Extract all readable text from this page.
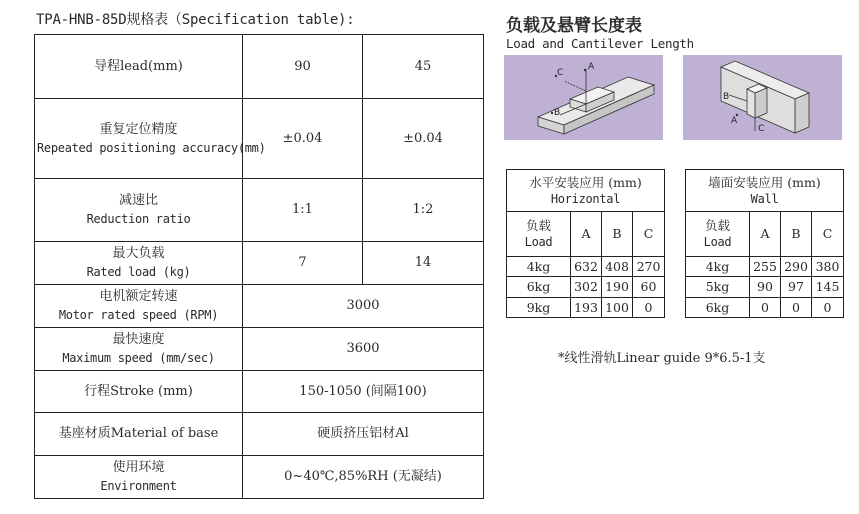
TPA-HNB-85D规格表（Specification table):
导程lead(mm)	90	45

重复定位精度
Repeated positioning accuracy(mm)	±0.04	±0.04

减速比
Reduction ratio	1:1	1:2

最大负载
Rated load (kg)	7	14

电机额定转速
Motor rated speed (RPM)	3000	

最快速度
Maximum speed (mm/sec)	3600	

行程Stroke (mm)	150-1050 (间隔100)	

基座材质Material of base	硬质挤压铝材Al	

使用环境
Environment	0~40℃,85%RH (无凝结)	
负载及悬臂长度表
Load and Cantilever Length
C
A
B
B
A
C
水平安装应用 (mm)
Horizontal			

负载
Load	A	B	C
4kg	632	408	270
6kg	302	190	60
9kg	193	100	0
墙面安装应用 (mm)
Wall			

负载
Load	A	B	C
4kg	255	290	380
5kg	90	97	145
6kg	0	0	0
*线性滑轨Linear guide 9*6.5-1支
